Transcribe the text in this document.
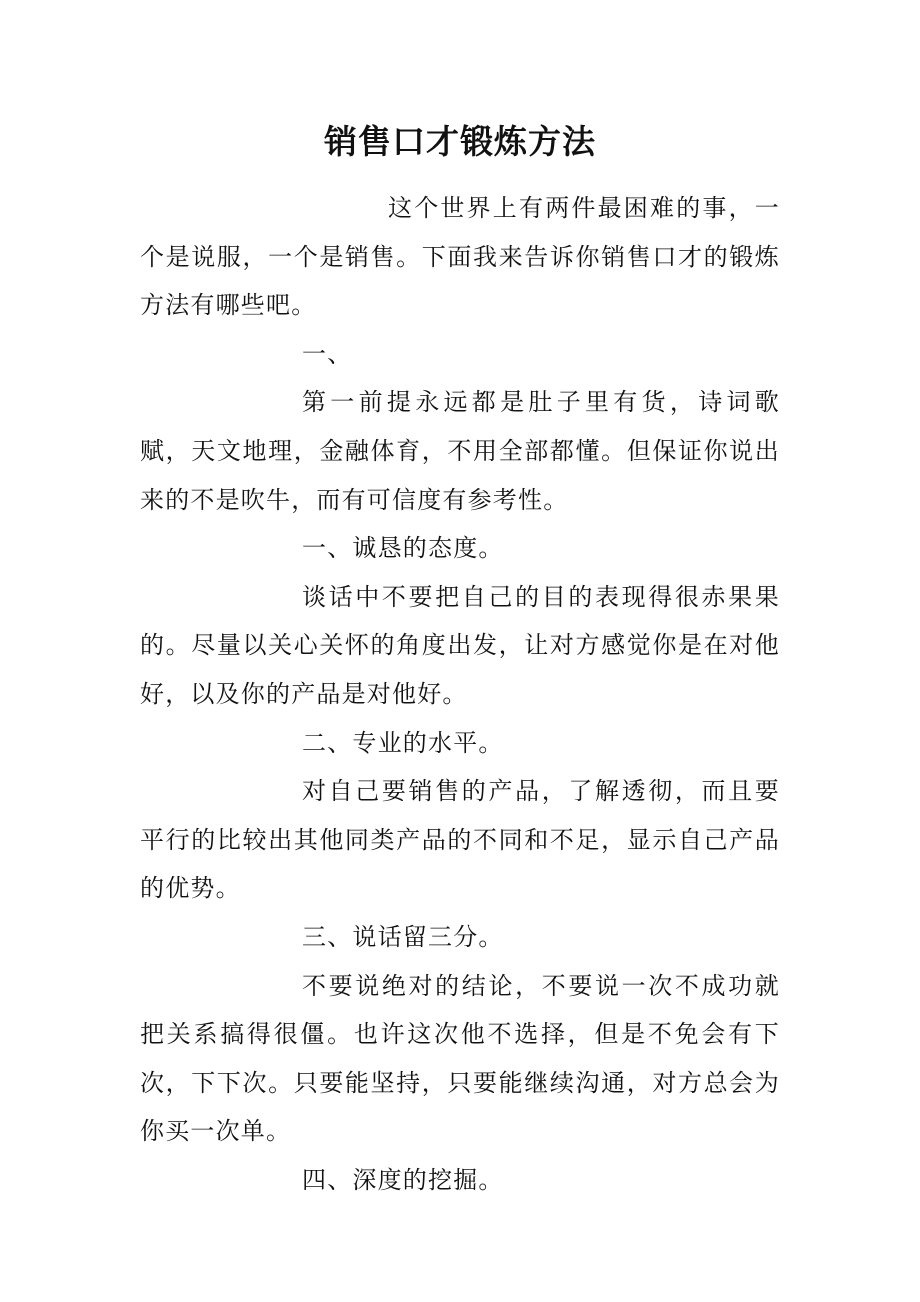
销售口才锻炼方法

这个世界上有两件最困难的事，一个是说服，一个是销售。下面我来告诉你销售口才的锻炼方法有哪些吧。

一、

第一前提永远都是肚子里有货，诗词歌赋，天文地理，金融体育，不用全部都懂。但保证你说出来的不是吹牛，而有可信度有参考性。

一、诚恳的态度。

谈话中不要把自己的目的表现得很赤果果的。尽量以关心关怀的角度出发，让对方感觉你是在对他好，以及你的产品是对他好。

二、专业的水平。

对自己要销售的产品，了解透彻，而且要平行的比较出其他同类产品的不同和不足，显示自己产品的优势。

三、说话留三分。

不要说绝对的结论，不要说一次不成功就把关系搞得很僵。也许这次他不选择，但是不免会有下次，下下次。只要能坚持，只要能继续沟通，对方总会为你买一次单。

四、深度的挖掘。
